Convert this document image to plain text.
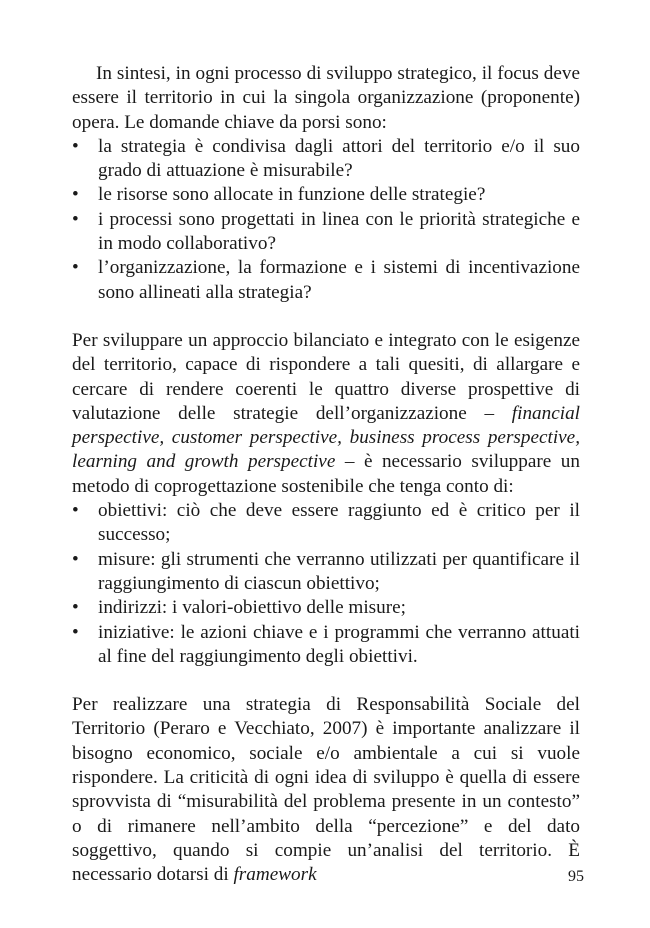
In sintesi, in ogni processo di sviluppo strategico, il focus deve essere il territorio in cui la singola organizzazione (proponente) opera. Le domande chiave da porsi sono:

• la strategia è condivisa dagli attori del territorio e/o il suo grado di attuazione è misurabile?
• le risorse sono allocate in funzione delle strategie?
• i processi sono progettati in linea con le priorità strategiche e in modo collaborativo?
• l’organizzazione, la formazione e i sistemi di incentivazione sono allineati alla strategia?

Per sviluppare un approccio bilanciato e integrato con le esigenze del territorio, capace di rispondere a tali quesiti, di allargare e cercare di rendere coerenti le quattro diverse prospettive di valutazione delle strategie dell’organizzazione – financial perspective, customer perspective, business process perspective, learning and growth perspective – è necessario sviluppare un metodo di coprogettazione sostenibile che tenga conto di:

• obiettivi: ciò che deve essere raggiunto ed è critico per il successo;
• misure: gli strumenti che verranno utilizzati per quantificare il raggiungimento di ciascun obiettivo;
• indirizzi: i valori-obiettivo delle misure;
• iniziative: le azioni chiave e i programmi che verranno attuati al fine del raggiungimento degli obiettivi.

Per realizzare una strategia di Responsabilità Sociale del Territorio (Peraro e Vecchiato, 2007) è importante analizzare il bisogno economico, sociale e/o ambientale a cui si vuole rispondere. La criticità di ogni idea di sviluppo è quella di essere sprovvista di “misurabilità del problema presente in un contesto” o di rimanere nell’ambito della “percezione” e del dato soggettivo, quando si compie un’analisi del territorio. È necessario dotarsi di framework	95
